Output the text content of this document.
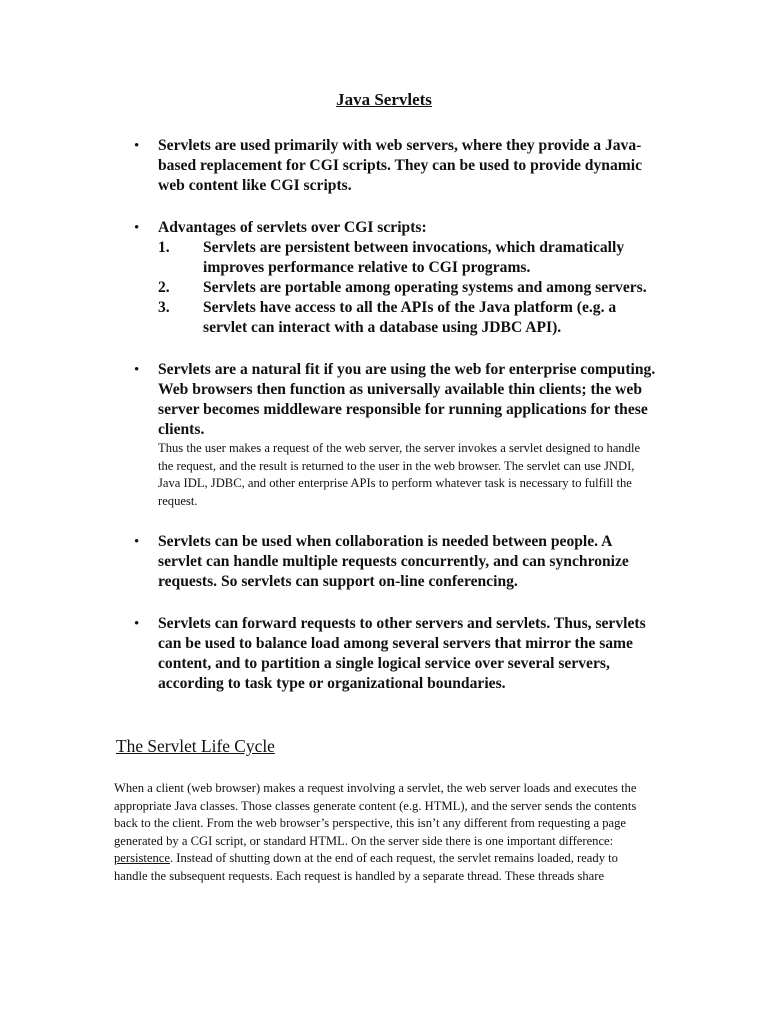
Java Servlets
• Servlets are used primarily with web servers, where they provide a Java-based replacement for CGI scripts. They can be used to provide dynamic web content like CGI scripts.
• Advantages of servlets over CGI scripts:
1. Servlets are persistent between invocations, which dramatically improves performance relative to CGI programs.
2. Servlets are portable among operating systems and among servers.
3. Servlets have access to all the APIs of the Java platform (e.g. a servlet can interact with a database using JDBC API).
• Servlets are a natural fit if you are using the web for enterprise computing. Web browsers then function as universally available thin clients; the web server becomes middleware responsible for running applications for these clients.
Thus the user makes a request of the web server, the server invokes a servlet designed to handle the request, and the result is returned to the user in the web browser. The servlet can use JNDI, Java IDL, JDBC, and other enterprise APIs to perform whatever task is necessary to fulfill the request.
• Servlets can be used when collaboration is needed between people. A servlet can handle multiple requests concurrently, and can synchronize requests. So servlets can support on-line conferencing.
• Servlets can forward requests to other servers and servlets. Thus, servlets can be used to balance load among several servers that mirror the same content, and to partition a single logical service over several servers, according to task type or organizational boundaries.
The Servlet Life Cycle
When a client (web browser) makes a request involving a servlet, the web server loads and executes the appropriate Java classes. Those classes generate content (e.g. HTML), and the server sends the contents back to the client. From the web browser’s perspective, this isn’t any different from requesting a page generated by a CGI script, or standard HTML. On the server side there is one important difference: persistence. Instead of shutting down at the end of each request, the servlet remains loaded, ready to handle the subsequent requests. Each request is handled by a separate thread. These threads share
